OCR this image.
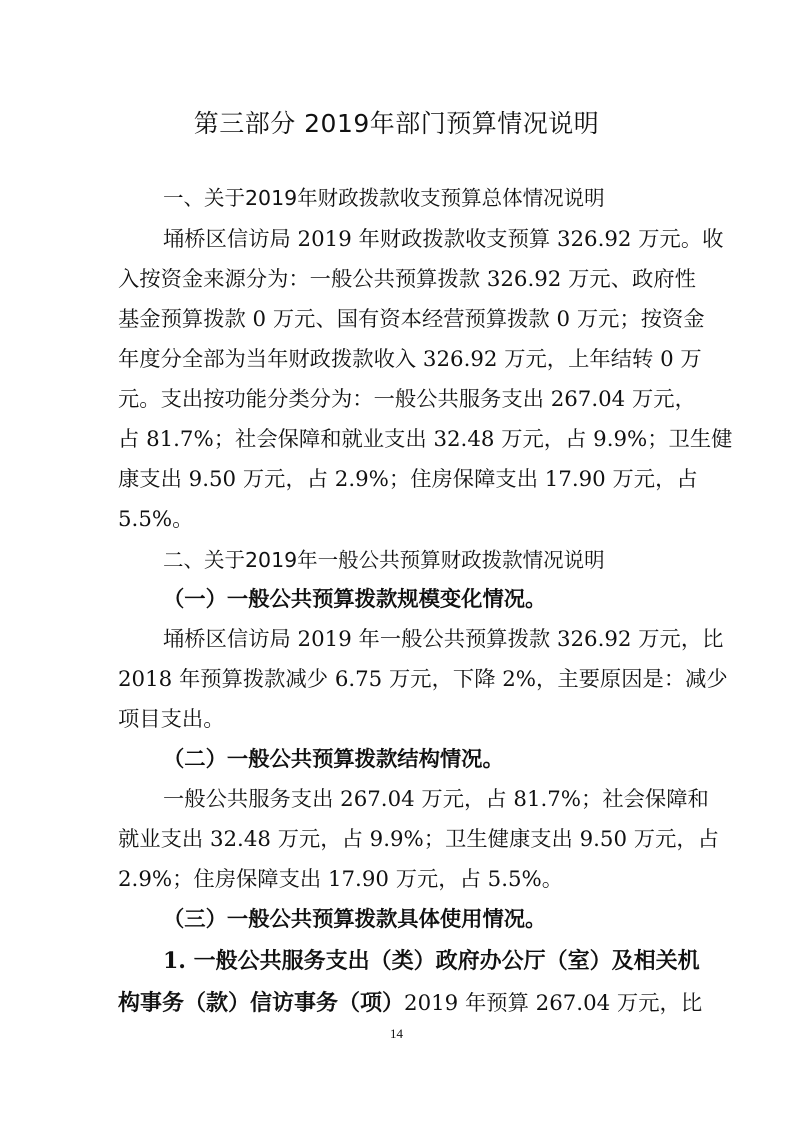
第三部分 2019年部门预算情况说明
一、关于2019年财政拨款收支预算总体情况说明
埇桥区信访局 2019 年财政拨款收支预算 326.92 万元。收
入按资金来源分为：一般公共预算拨款 326.92 万元、政府性
基金预算拨款 0 万元、国有资本经营预算拨款 0 万元；按资金
年度分全部为当年财政拨款收入 326.92 万元，上年结转 0 万
元。支出按功能分类分为：一般公共服务支出 267.04 万元，
占 81.7%；社会保障和就业支出 32.48 万元，占 9.9%；卫生健
康支出 9.50 万元，占 2.9%；住房保障支出 17.90 万元，占
5.5%。
二、关于2019年一般公共预算财政拨款情况说明
（一）一般公共预算拨款规模变化情况。
埇桥区信访局 2019 年一般公共预算拨款 326.92 万元，比
2018 年预算拨款减少 6.75 万元，下降 2%，主要原因是：减少
项目支出。
（二）一般公共预算拨款结构情况。
一般公共服务支出 267.04 万元，占 81.7%；社会保障和
就业支出 32.48 万元，占 9.9%；卫生健康支出 9.50 万元，占
2.9%；住房保障支出 17.90 万元，占 5.5%。
（三）一般公共预算拨款具体使用情况。
1. 一般公共服务支出（类）政府办公厅（室）及相关机
构事务（款）信访事务（项）2019 年预算 267.04 万元，比
14
